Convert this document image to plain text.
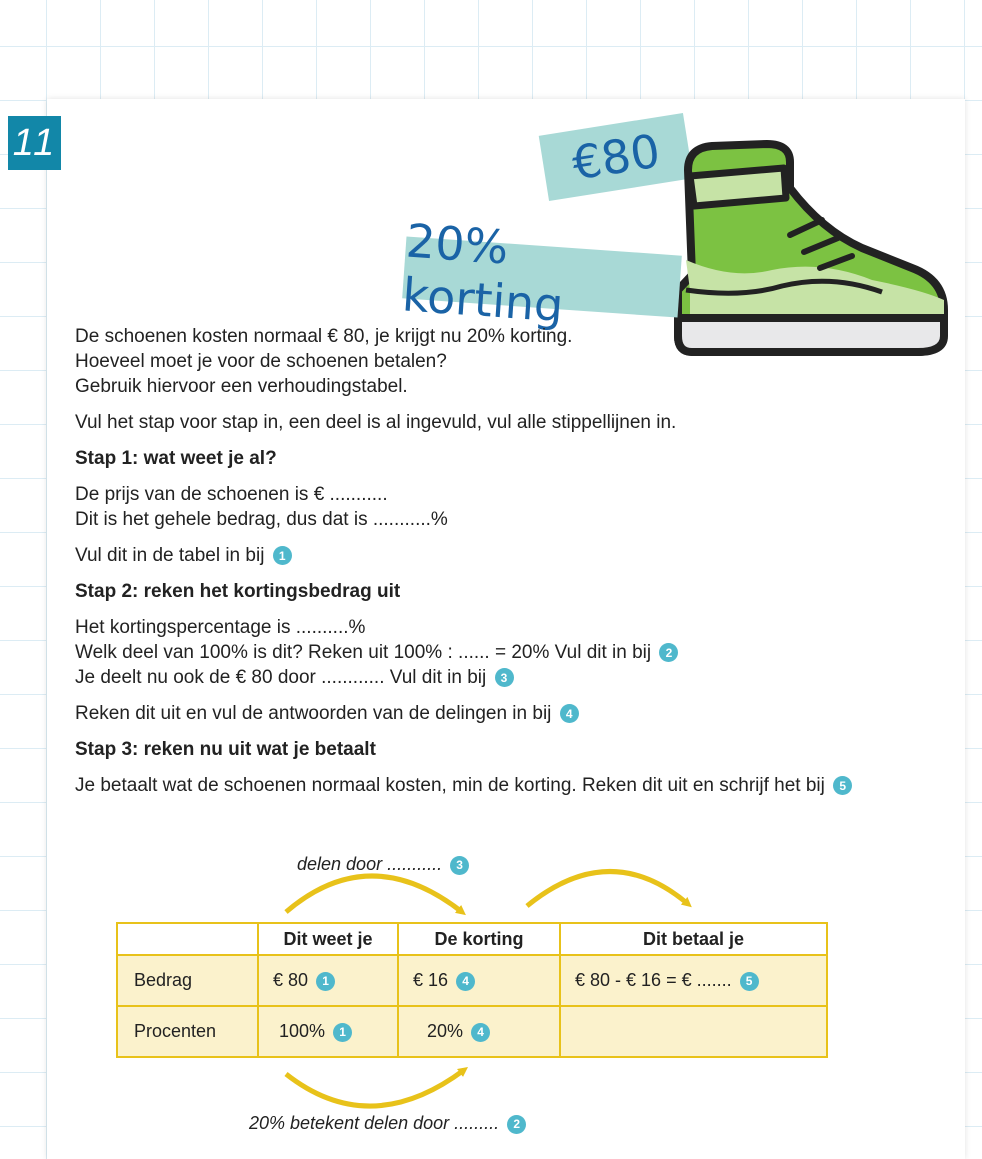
11	€80
20% korting
De schoenen kosten normaal € 80, je krijgt nu 20% korting.
Hoeveel moet je voor de schoenen betalen?
Gebruik hiervoor een verhoudingstabel.
Vul het stap voor stap in, een deel is al ingevuld, vul alle stippellijnen in.
Stap 1: wat weet je al?
De prijs van de schoenen is € ...........
Dit is het gehele bedrag, dus dat is ...........%
Vul dit in de tabel in bij 1
Stap 2: reken het kortingsbedrag uit
Het kortingspercentage is ..........%
Welk deel van 100% is dit? Reken uit 100% : ...... = 20% Vul dit in bij 2
Je deelt nu ook de € 80 door ............ Vul dit in bij 3
Reken dit uit en vul de antwoorden van de delingen in bij 4
Stap 3: reken nu uit wat je betaalt
Je betaalt wat de schoenen normaal kosten, min de korting. Reken dit uit en schrijf het bij 5
delen door ........... 3
	Dit weet je	De korting	Dit betaal je
Bedrag	€ 80 1	€ 16 4	€ 80 - € 16 = € ....... 5
Procenten	100% 1	20% 4	
20% betekent delen door ......... 2
